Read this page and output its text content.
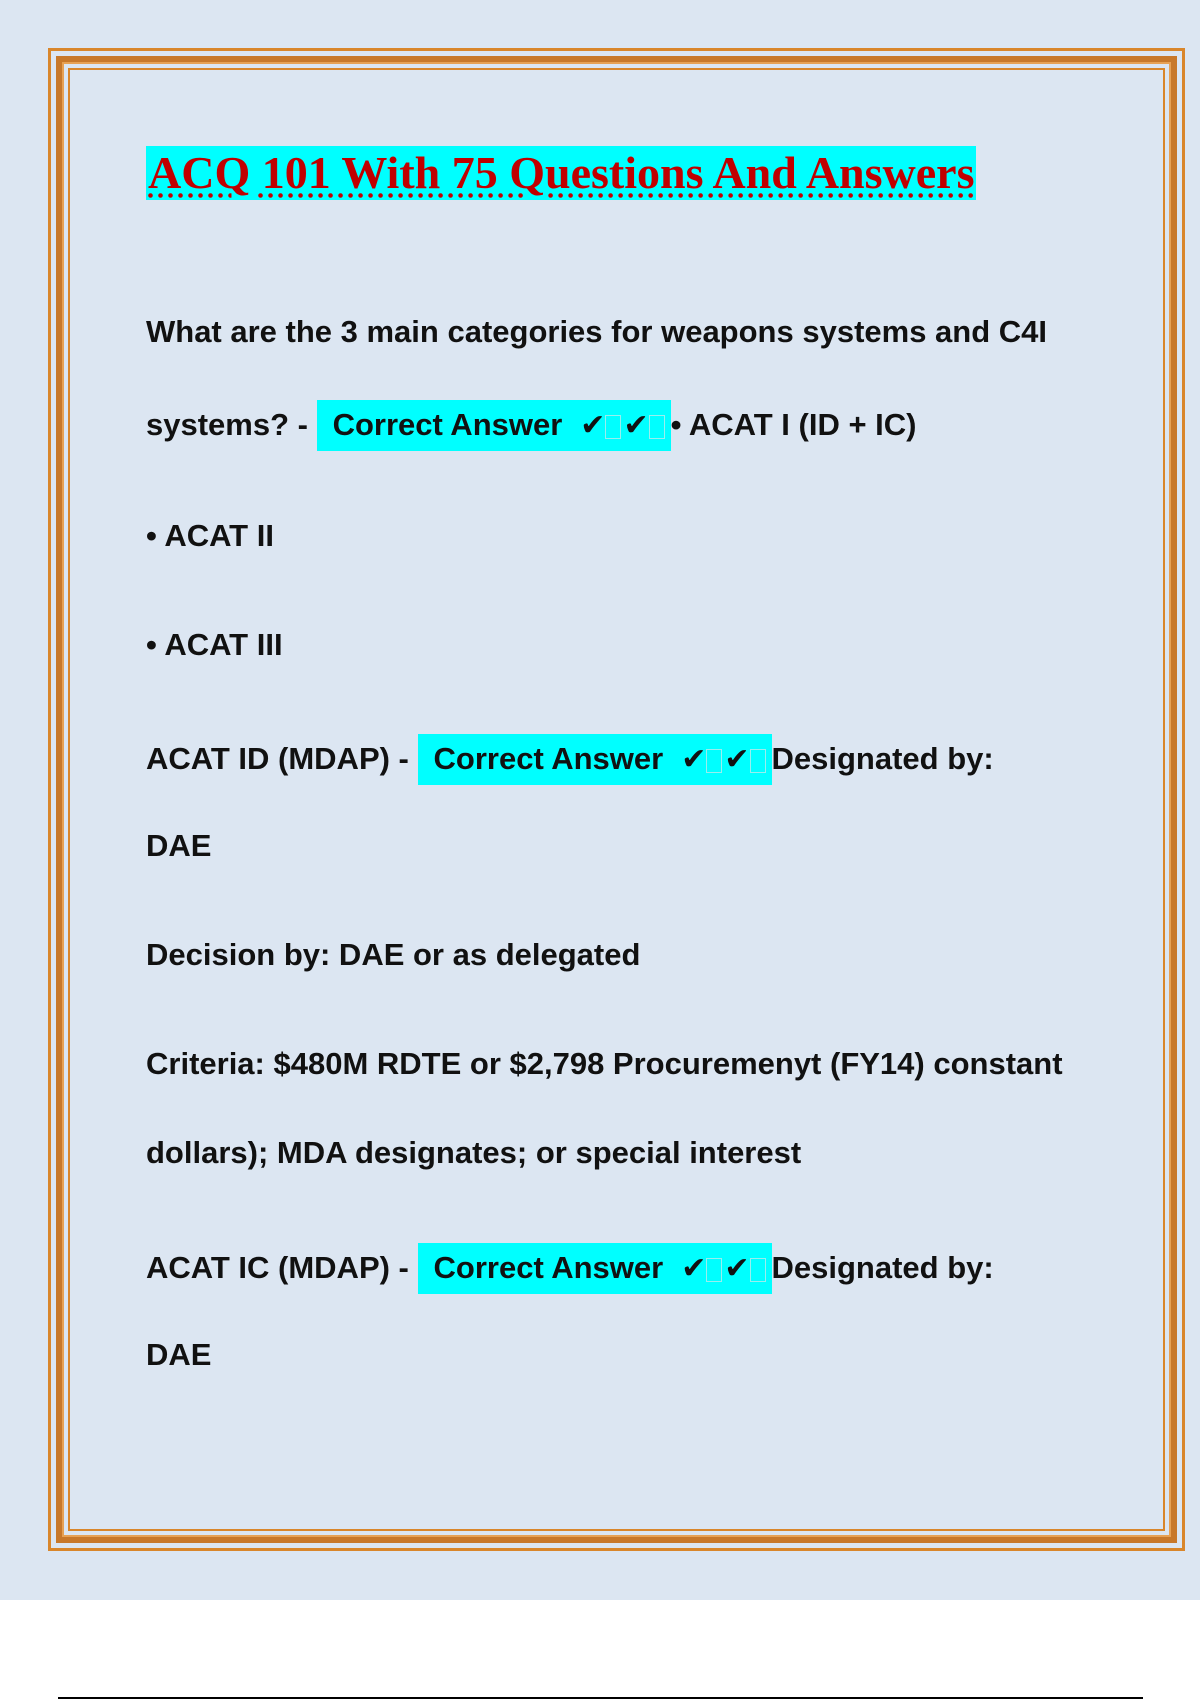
ACQ 101 With 75 Questions And Answers

What are the 3 main categories for weapons systems and C4I

systems? - Correct Answer ✔ ✔ • ACAT I (ID + IC)

• ACAT II

• ACAT III

ACAT ID (MDAP) - Correct Answer ✔ ✔ Designated by:

DAE

Decision by: DAE or as delegated

Criteria: $480M RDTE or $2,798 Procuremenyt (FY14) constant

dollars); MDA designates; or special interest

ACAT IC (MDAP) - Correct Answer ✔ ✔ Designated by:

DAE
